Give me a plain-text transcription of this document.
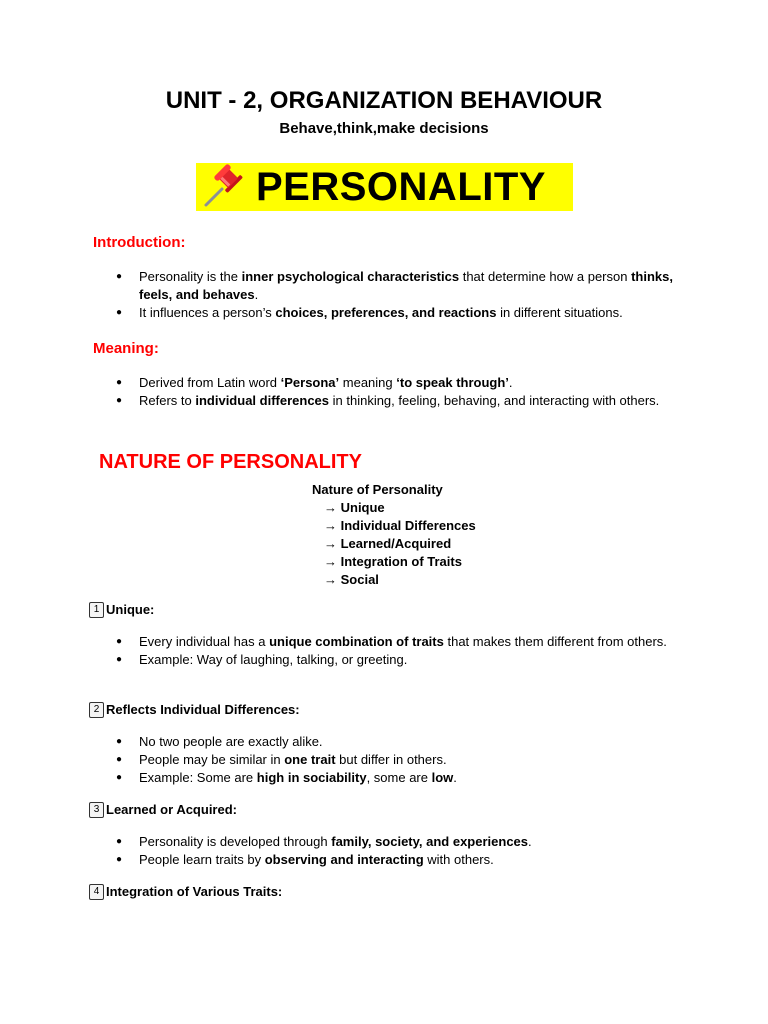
UNIT - 2, ORGANIZATION BEHAVIOUR
Behave,think,make decisions
PERSONALITY
Introduction:
● Personality is the inner psychological characteristics that determine how a person thinks, feels, and behaves.
● It influences a person’s choices, preferences, and reactions in different situations.
Meaning:
● Derived from Latin word ‘Persona’ meaning ‘to speak through’.
● Refers to individual differences in thinking, feeling, behaving, and interacting with others.
NATURE OF PERSONALITY
Nature of Personality
→ Unique
→ Individual Differences
→ Learned/Acquired
→ Integration of Traits
→ Social
1 Unique:
● Every individual has a unique combination of traits that makes them different from others.
● Example: Way of laughing, talking, or greeting.
2 Reflects Individual Differences:
● No two people are exactly alike.
● People may be similar in one trait but differ in others.
● Example: Some are high in sociability, some are low.
3 Learned or Acquired:
● Personality is developed through family, society, and experiences.
● People learn traits by observing and interacting with others.
4 Integration of Various Traits:
